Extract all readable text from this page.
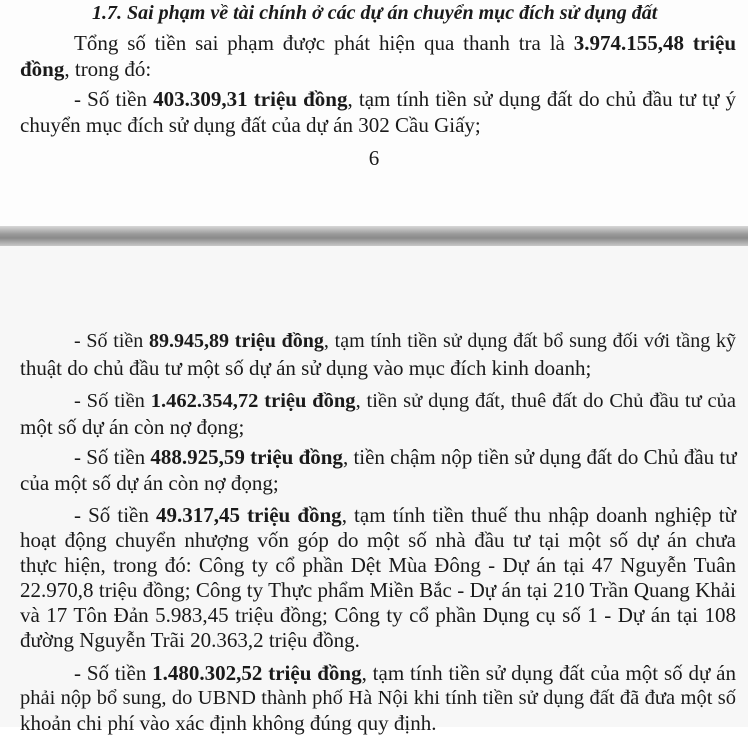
1.7. Sai phạm về tài chính ở các dự án chuyển mục đích sử dụng đất
Tổng số tiền sai phạm được phát hiện qua thanh tra là 3.974.155,48 triệu
đồng, trong đó:
- Số tiền 403.309,31 triệu đồng, tạm tính tiền sử dụng đất do chủ đầu tư tự ý
chuyển mục đích sử dụng đất của dự án 302 Cầu Giấy;
6
- Số tiền 89.945,89 triệu đồng, tạm tính tiền sử dụng đất bổ sung đối với tầng kỹ
thuật do chủ đầu tư một số dự án sử dụng vào mục đích kinh doanh;
- Số tiền 1.462.354,72 triệu đồng, tiền sử dụng đất, thuê đất do Chủ đầu tư của
một số dự án còn nợ đọng;
- Số tiền 488.925,59 triệu đồng, tiền chậm nộp tiền sử dụng đất do Chủ đầu tư
của một số dự án còn nợ đọng;
- Số tiền 49.317,45 triệu đồng, tạm tính tiền thuế thu nhập doanh nghiệp từ
hoạt động chuyển nhượng vốn góp do một số nhà đầu tư tại một số dự án chưa
thực hiện, trong đó: Công ty cổ phần Dệt Mùa Đông - Dự án tại 47 Nguyễn Tuân
22.970,8 triệu đồng; Công ty Thực phẩm Miền Bắc - Dự án tại 210 Trần Quang Khải
và 17 Tôn Đản 5.983,45 triệu đồng; Công ty cổ phần Dụng cụ số 1 - Dự án tại 108
đường Nguyễn Trãi 20.363,2 triệu đồng.
- Số tiền 1.480.302,52 triệu đồng, tạm tính tiền sử dụng đất của một số dự án
phải nộp bổ sung, do UBND thành phố Hà Nội khi tính tiền sử dụng đất đã đưa một số
khoản chi phí vào xác định không đúng quy định.
